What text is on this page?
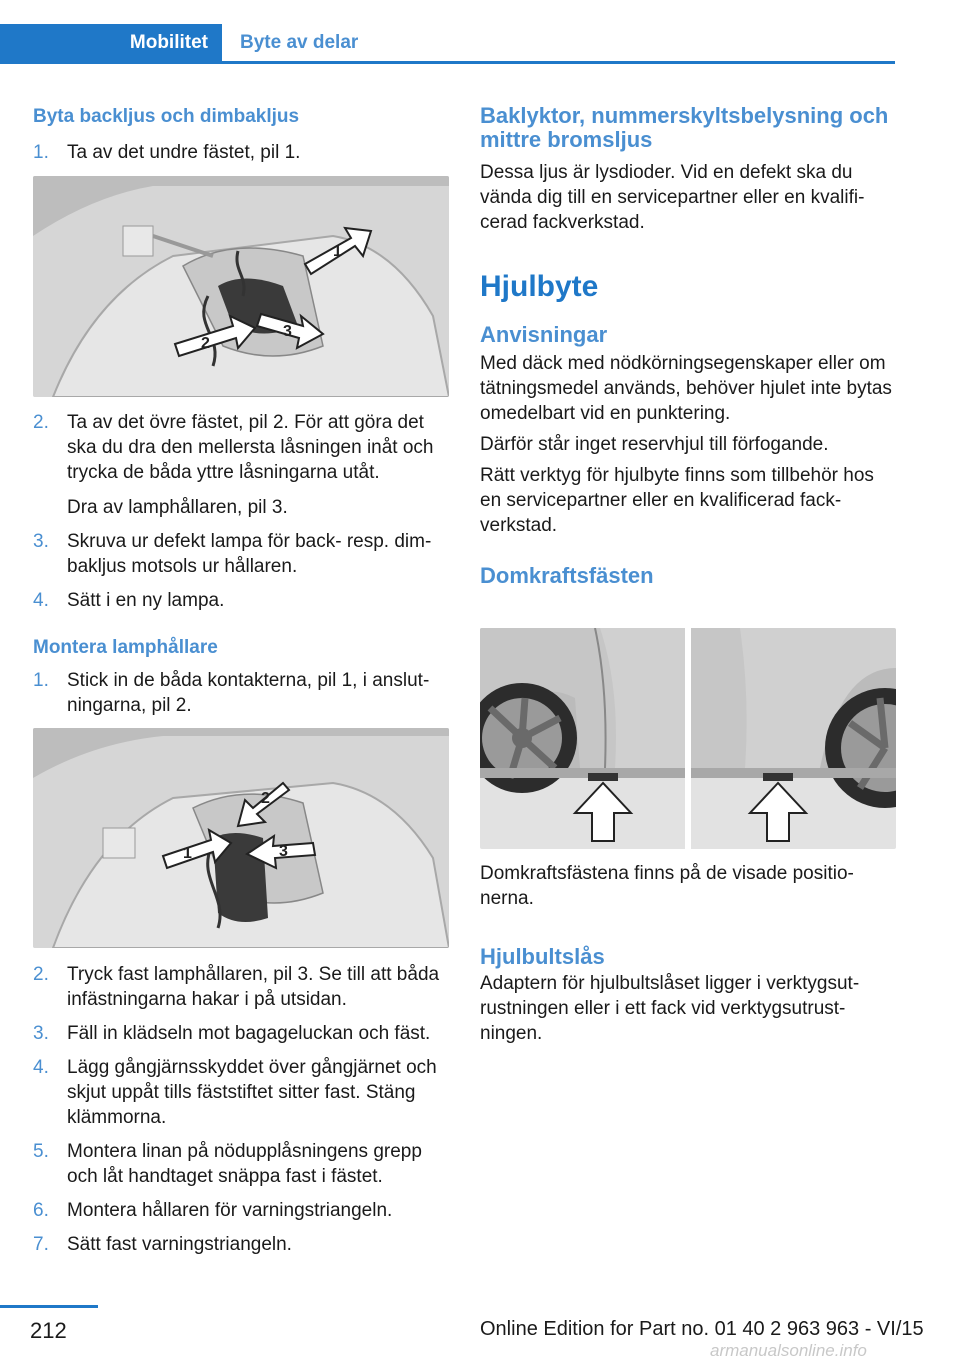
Mobilitet	Byte av delar
Byta backljus och dimbakljus
1. Ta av det undre fästet, pil 1.
1
2
3
2. Ta av det övre fästet, pil 2. För att göra det ska du dra den mellersta låsningen inåt och trycka de båda yttre låsningarna utåt.
Dra av lamphållaren, pil 3.
3. Skruva ur defekt lampa för back- resp. dimbakljus motsols ur hållaren.
4. Sätt i en ny lampa.
Montera lamphållare
1. Stick in de båda kontakterna, pil 1, i anslutningarna, pil 2.
1
2
3
2. Tryck fast lamphållaren, pil 3. Se till att båda infästningarna hakar i på utsidan.
3. Fäll in klädseln mot bagageluckan och fäst.
4. Lägg gångjärnsskyddet över gångjärnet och skjut uppåt tills fäststiftet sitter fast. Stäng klämmorna.
5. Montera linan på nödupplåsningens grepp och låt handtaget snäppa fast i fästet.
6. Montera hållaren för varningstriangeln.
7. Sätt fast varningstriangeln.
Baklyktor, nummerskyltsbelysning och mittre bromsljus
Dessa ljus är lysdioder. Vid en defekt ska du vända dig till en servicepartner eller en kvalificerad fackverkstad.
Hjulbyte
Anvisningar
Med däck med nödkörningsegenskaper eller om tätningsmedel används, behöver hjulet inte bytas omedelbart vid en punktering.
Därför står inget reservhjul till förfogande.
Rätt verktyg för hjulbyte finns som tillbehör hos en servicepartner eller en kvalificerad fackverkstad.
Domkraftsfästen
Domkraftsfästena finns på de visade positionerna.
Hjulbultslås
Adaptern för hjulbultslåset ligger i verktygsutrustningen eller i ett fack vid verktygsutrustningen.
212	Online Edition for Part no. 01 40 2 963 963 - VI/15
armanualsonline.info
